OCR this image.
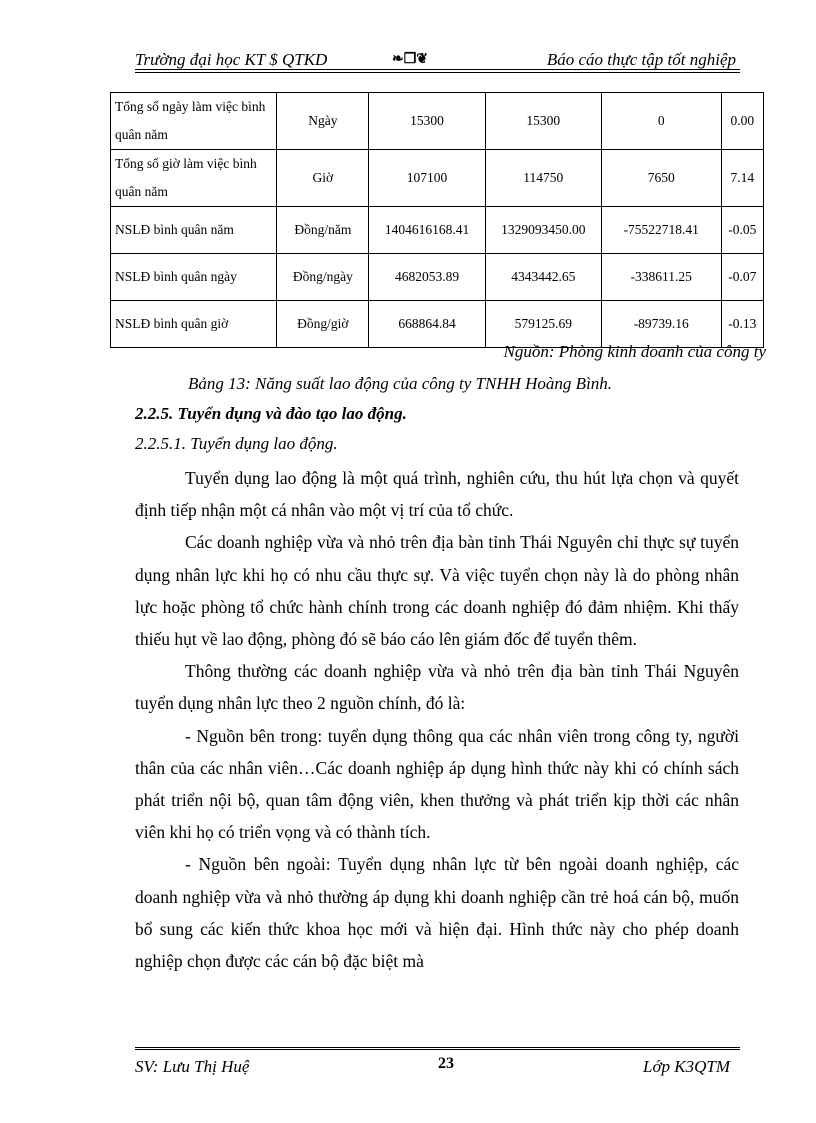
Trường đại học KT $ QTKD	❧❒❦	Báo cáo thực tập tốt nghiệp
Tổng số ngày làm việc bình quân năm	Ngày	15300	15300	0	0.00
Tổng số giờ làm việc bình quân năm	Giờ	107100	114750	7650	7.14
NSLĐ bình quân năm	Đồng/năm	1404616168.41	1329093450.00	-75522718.41	-0.05
NSLĐ bình quân ngày	Đồng/ngày	4682053.89	4343442.65	-338611.25	-0.07
NSLĐ bình quân giờ	Đồng/giờ	668864.84	579125.69	-89739.16	-0.13
Nguồn: Phòng kinh doanh của công ty
Bảng 13: Năng suất lao động của công ty TNHH Hoàng Bình.
2.2.5. Tuyển dụng và đào tạo lao động.
2.2.5.1. Tuyển dụng lao động.

Tuyển dụng lao động là một quá trình, nghiên cứu, thu hút lựa chọn và quyết định tiếp nhận một cá nhân vào một vị trí của tổ chức.

Các doanh nghiệp vừa và nhỏ trên địa bàn tỉnh Thái Nguyên chỉ thực sự tuyển dụng nhân lực khi họ có nhu cầu thực sự. Và việc tuyển chọn này là do phòng nhân lực hoặc phòng tổ chức hành chính trong các doanh nghiệp đó đảm nhiệm. Khi thấy thiếu hụt về lao động, phòng đó sẽ báo cáo lên giám đốc để tuyển thêm.

Thông thường các doanh nghiệp vừa và nhỏ trên địa bàn tỉnh Thái Nguyên tuyển dụng nhân lực theo 2 nguồn chính, đó là:

- Nguồn bên trong: tuyển dụng thông qua các nhân viên trong công ty, người thân của các nhân viên…Các doanh nghiệp áp dụng hình thức này khi có chính sách phát triển nội bộ, quan tâm động viên, khen thưởng và phát triển kịp thời các nhân viên khi họ có triển vọng và có thành tích.

- Nguồn bên ngoài: Tuyển dụng nhân lực từ bên ngoài doanh nghiệp, các doanh nghiệp vừa và nhỏ thường áp dụng khi doanh nghiệp cần trẻ hoá cán bộ, muốn bổ sung các kiến thức khoa học mới và hiện đại. Hình thức này cho phép doanh nghiệp chọn được các cán bộ đặc biệt mà

SV: Lưu Thị Huệ	23	Lớp K3QTM
